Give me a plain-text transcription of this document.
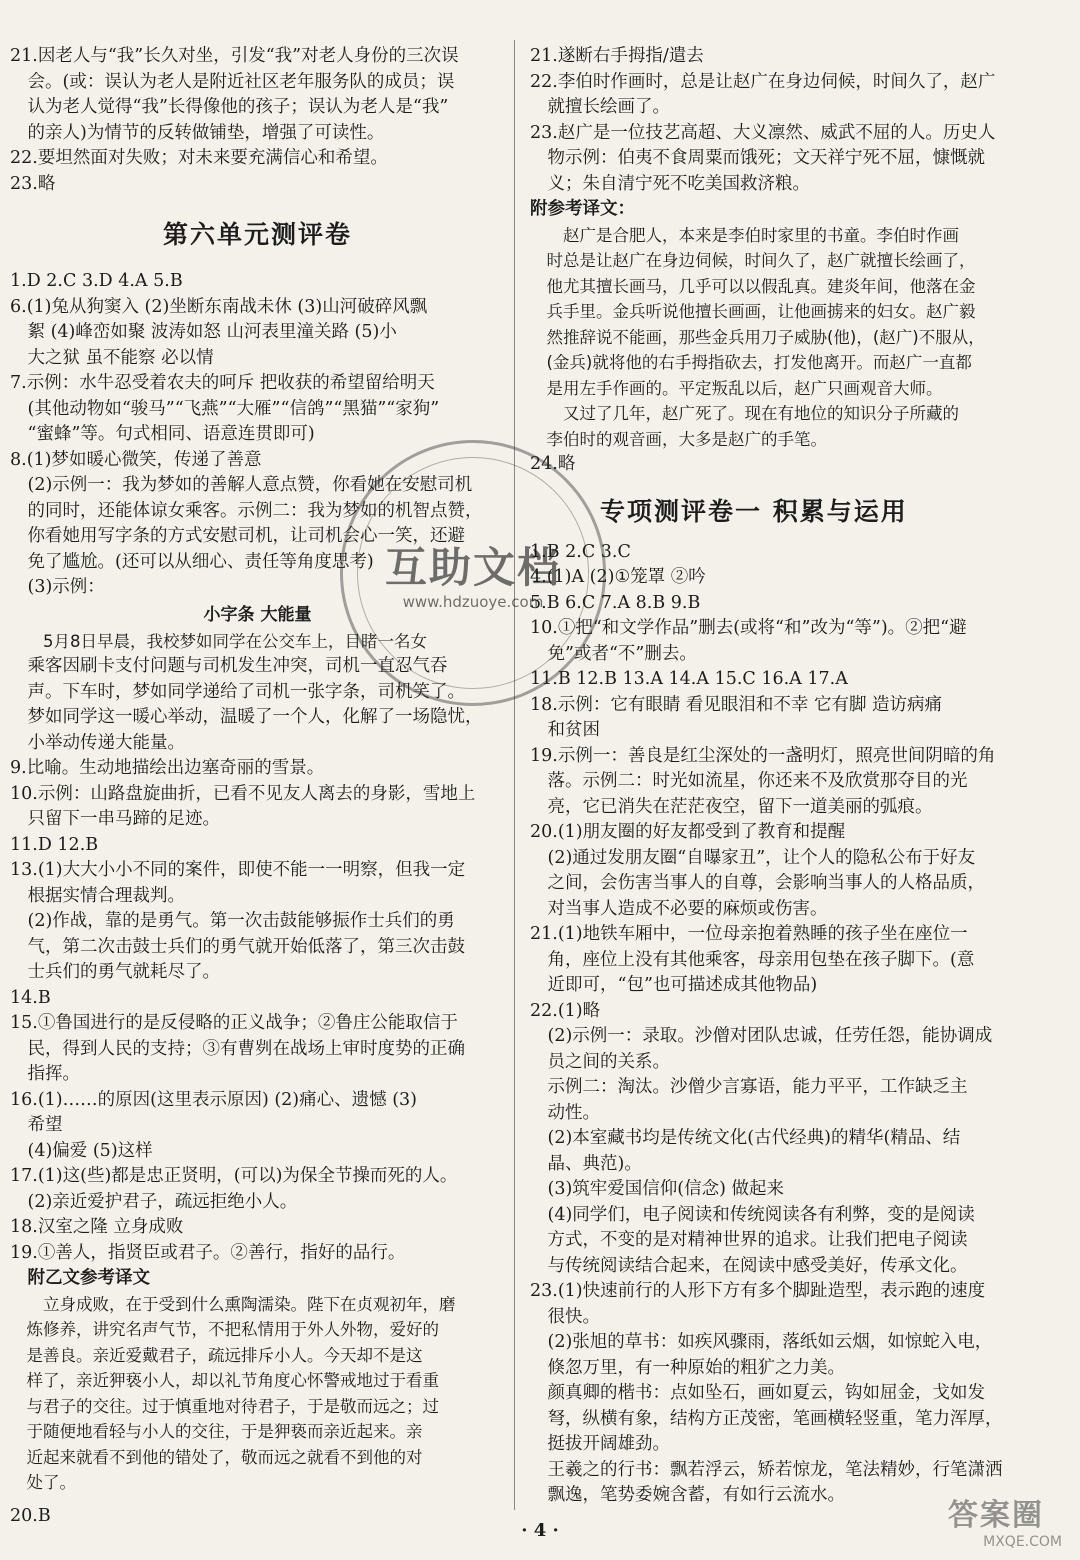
21.因老人与“我”长久对坐，引发“我”对老人身份的三次误

会。(或：误认为老人是附近社区老年服务队的成员；误

认为老人觉得“我”长得像他的孩子；误认为老人是“我”

的亲人)为情节的反转做铺垫，增强了可读性。

22.要坦然面对失败；对未来要充满信心和希望。

23.略

第六单元测评卷

1.D 2.C 3.D 4.A 5.B

6.(1)兔从狗窦入 (2)坐断东南战未休 (3)山河破碎风飘

絮 (4)峰峦如聚 波涛如怒 山河表里潼关路 (5)小

大之狱 虽不能察 必以情

7.示例：水牛忍受着农夫的呵斥 把收获的希望留给明天

(其他动物如“骏马”“飞燕”“大雁”“信鸽”“黑猫”“家狗”

“蜜蜂”等。句式相同、语意连贯即可)

8.(1)梦如暖心微笑，传递了善意

(2)示例一：我为梦如的善解人意点赞，你看她在安慰司机

的同时，还能体谅女乘客。示例二：我为梦如的机智点赞，

你看她用写字条的方式安慰司机，让司机会心一笑，还避

免了尴尬。(还可以从细心、责任等角度思考)

(3)示例：

小字条 大能量

5月8日早晨，我校梦如同学在公交车上，目睹一名女

乘客因刷卡支付问题与司机发生冲突，司机一直忍气吞

声。下车时，梦如同学递给了司机一张字条，司机笑了。

梦如同学这一暖心举动，温暖了一个人，化解了一场隐忧，

小举动传递大能量。

9.比喻。生动地描绘出边塞奇丽的雪景。

10.示例：山路盘旋曲折，已看不见友人离去的身影，雪地上

只留下一串马蹄的足迹。

11.D 12.B

13.(1)大大小小不同的案件，即使不能一一明察，但我一定

根据实情合理裁判。

(2)作战，靠的是勇气。第一次击鼓能够振作士兵们的勇

气，第二次击鼓士兵们的勇气就开始低落了，第三次击鼓

士兵们的勇气就耗尽了。

14.B

15.①鲁国进行的是反侵略的正义战争；②鲁庄公能取信于

民，得到人民的支持；③有曹刿在战场上审时度势的正确

指挥。

16.(1)……的原因(这里表示原因) (2)痛心、遗憾 (3)

希望

(4)偏爱 (5)这样

17.(1)这(些)都是忠正贤明，(可以)为保全节操而死的人。

(2)亲近爱护君子，疏远拒绝小人。

18.汉室之隆 立身成败

19.①善人，指贤臣或君子。②善行，指好的品行。

附乙文参考译文

立身成败，在于受到什么熏陶濡染。陛下在贞观初年，磨

炼修养，讲究名声气节，不把私情用于外人外物，爱好的

是善良。亲近爱戴君子，疏远排斥小人。今天却不是这

样了，亲近狎亵小人，却以礼节角度心怀警戒地过于看重

与君子的交往。过于慎重地对待君子，于是敬而远之；过

于随便地看轻与小人的交往，于是狎亵而亲近起来。亲

近起来就看不到他的错处了，敬而远之就看不到他的对

处了。

20.B

21.遂断右手拇指/遣去

22.李伯时作画时，总是让赵广在身边伺候，时间久了，赵广

就擅长绘画了。

23.赵广是一位技艺高超、大义凛然、威武不屈的人。历史人

物示例：伯夷不食周粟而饿死；文天祥宁死不屈，慷慨就

义；朱自清宁死不吃美国救济粮。

附参考译文：

赵广是合肥人，本来是李伯时家里的书童。李伯时作画

时总是让赵广在身边伺候，时间久了，赵广就擅长绘画了，

他尤其擅长画马，几乎可以以假乱真。建炎年间，他落在金

兵手里。金兵听说他擅长画画，让他画掳来的妇女。赵广毅

然推辞说不能画，那些金兵用刀子威胁(他)，(赵广)不服从，

(金兵)就将他的右手拇指砍去，打发他离开。而赵广一直都

是用左手作画的。平定叛乱以后，赵广只画观音大师。

又过了几年，赵广死了。现在有地位的知识分子所藏的

李伯时的观音画，大多是赵广的手笔。

24.略

专项测评卷一 积累与运用

1.B 2.C 3.C

4.(1)A (2)①笼罩 ②吟

5.B 6.C 7.A 8.B 9.B

10.①把“和文学作品”删去(或将“和”改为“等”)。②把“避

免”或者“不”删去。

11.B 12.B 13.A 14.A 15.C 16.A 17.A

18.示例：它有眼睛 看见眼泪和不幸 它有脚 造访病痛

和贫困

19.示例一：善良是红尘深处的一盏明灯，照亮世间阴暗的角

落。示例二：时光如流星，你还来不及欣赏那夺目的光

亮，它已消失在茫茫夜空，留下一道美丽的弧痕。

20.(1)朋友圈的好友都受到了教育和提醒

(2)通过发朋友圈“自曝家丑”，让个人的隐私公布于好友

之间，会伤害当事人的自尊，会影响当事人的人格品质，

对当事人造成不必要的麻烦或伤害。

21.(1)地铁车厢中，一位母亲抱着熟睡的孩子坐在座位一

角，座位上没有其他乘客，母亲用包垫在孩子脚下。(意

近即可，“包”也可描述成其他物品)

22.(1)略

(2)示例一：录取。沙僧对团队忠诚，任劳任怨，能协调成

员之间的关系。

示例二：淘汰。沙僧少言寡语，能力平平，工作缺乏主

动性。

(2)本室藏书均是传统文化(古代经典)的精华(精品、结

晶、典范)。

(3)筑牢爱国信仰(信念) 做起来

(4)同学们，电子阅读和传统阅读各有利弊，变的是阅读

方式，不变的是对精神世界的追求。让我们把电子阅读

与传统阅读结合起来，在阅读中感受美好，传承文化。

23.(1)快速前行的人形下方有多个脚趾造型，表示跑的速度

很快。

(2)张旭的草书：如疾风骤雨，落纸如云烟，如惊蛇入电，

倏忽万里，有一种原始的粗犷之力美。

颜真卿的楷书：点如坠石，画如夏云，钩如屈金，戈如发

弩，纵横有象，结构方正茂密，笔画横轻竖重，笔力浑厚，

挺拔开阔雄劲。

王羲之的行书：飘若浮云，矫若惊龙，笔法精妙，行笔潇洒

飘逸，笔势委婉含蓄，有如行云流水。

互助文档
www.hdzuoye.com
· 4 ·	答案圈
MXQE.COM
